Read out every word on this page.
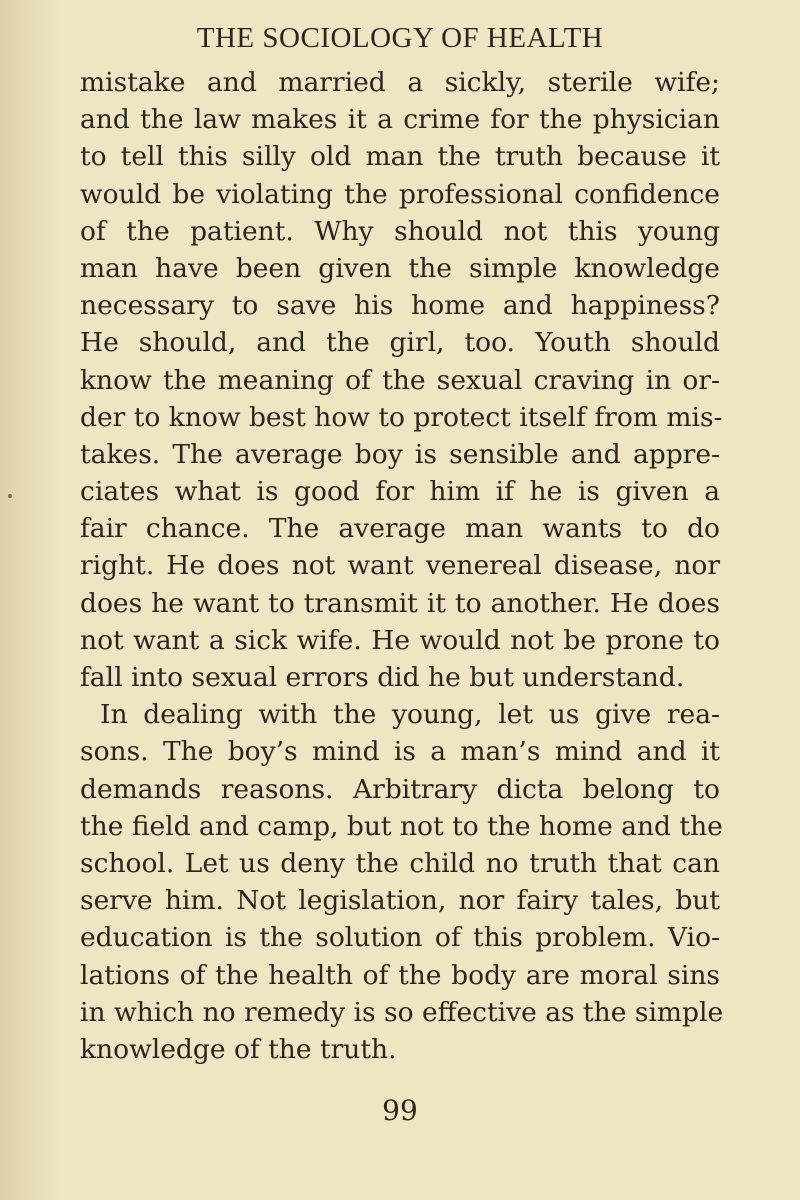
THE SOCIOLOGY OF HEALTH
mistake and married a sickly, sterile wife;
and the law makes it a crime for the physician
to tell this silly old man the truth because it
would be violating the professional confidence
of the patient. Why should not this young
man have been given the simple knowledge
necessary to save his home and happiness?
He should, and the girl, too. Youth should
know the meaning of the sexual craving in or-
der to know best how to protect itself from mis-
takes. The average boy is sensible and appre-
ciates what is good for him if he is given a
fair chance. The average man wants to do
right. He does not want venereal disease, nor
does he want to transmit it to another. He does
not want a sick wife. He would not be prone to
fall into sexual errors did he but understand.
In dealing with the young, let us give rea-
sons. The boy’s mind is a man’s mind and it
demands reasons. Arbitrary dicta belong to
the field and camp, but not to the home and the
school. Let us deny the child no truth that can
serve him. Not legislation, nor fairy tales, but
education is the solution of this problem. Vio-
lations of the health of the body are moral sins
in which no remedy is so effective as the simple
knowledge of the truth.
99
